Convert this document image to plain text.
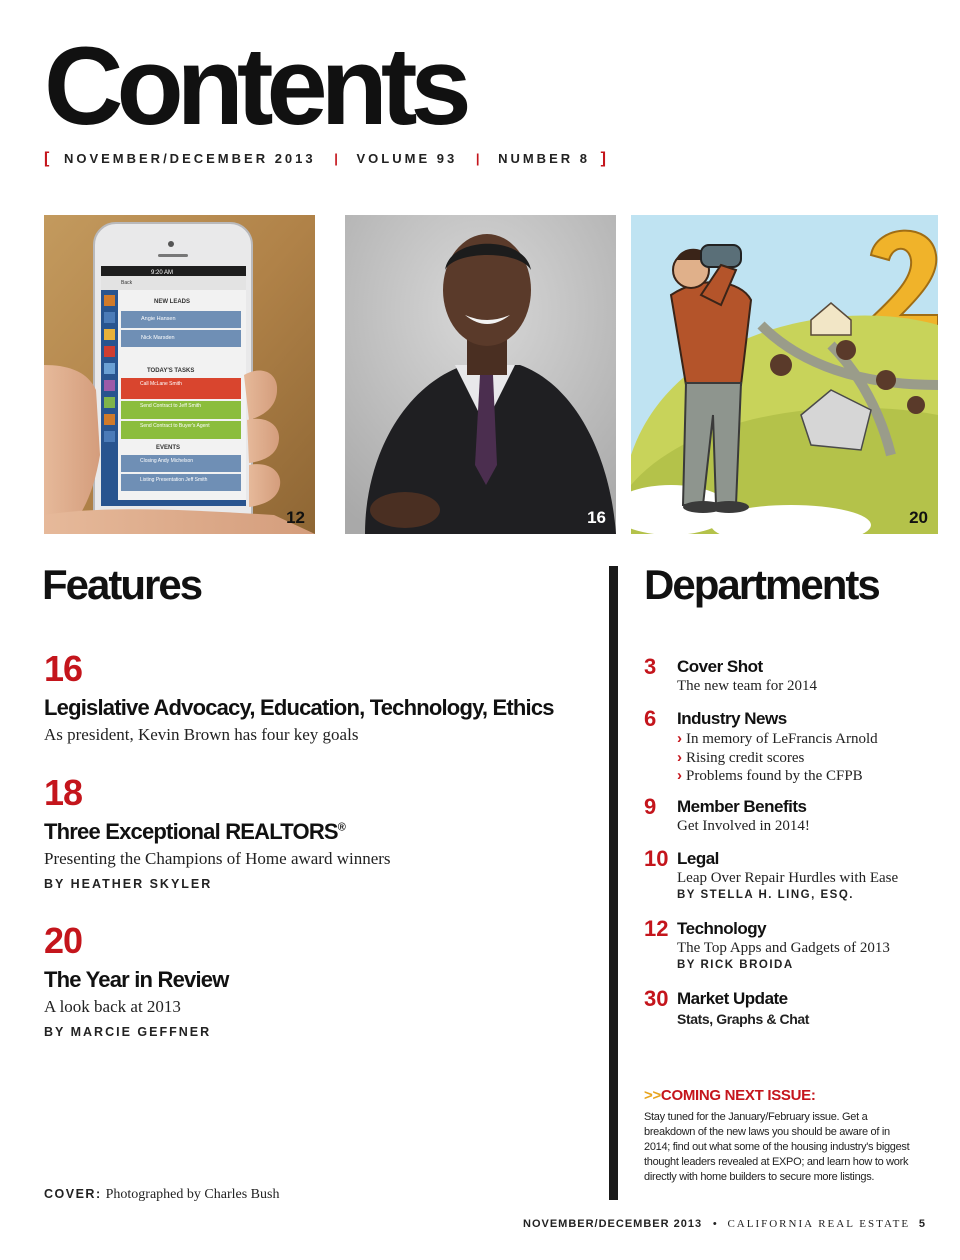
Contents
[ NOVEMBER/DECEMBER 2013 | VOLUME 93 | NUMBER 8 ]
9:20 AM
Back
NEW LEADS
Angie Hansen
Nick Marsden
TODAY'S TASKS
Call McLane Smith
Send Contract to Jeff Smith
Send Contract to Buyer's Agent
EVENTS
Closing Andy Michelson
Listing Presentation Jeff Smith
12	16	20
Features
16
Legislative Advocacy, Education, Technology, Ethics
As president, Kevin Brown has four key goals
18
Three Exceptional REALTORS®
Presenting the Champions of Home award winners
BY HEATHER SKYLER
20
The Year in Review
A look back at 2013
BY MARCIE GEFFNER
COVER: Photographed by Charles Bush
Departments
3 Cover Shot
The new team for 2014
6 Industry News
› In memory of LeFrancis Arnold
› Rising credit scores
› Problems found by the CFPB
9 Member Benefits
Get Involved in 2014!
10 Legal
Leap Over Repair Hurdles with Ease
BY STELLA H. LING, ESQ.
12 Technology
The Top Apps and Gadgets of 2013
BY RICK BROIDA
30 Market Update
Stats, Graphs & Chat
>>COMING NEXT ISSUE:
Stay tuned for the January/February issue. Get a breakdown of the new laws you should be aware of in 2014; find out what some of the housing industry's biggest thought leaders revealed at EXPO; and learn how to work directly with home builders to secure more listings.
NOVEMBER/DECEMBER 2013 • CALIFORNIA REAL ESTATE 5
